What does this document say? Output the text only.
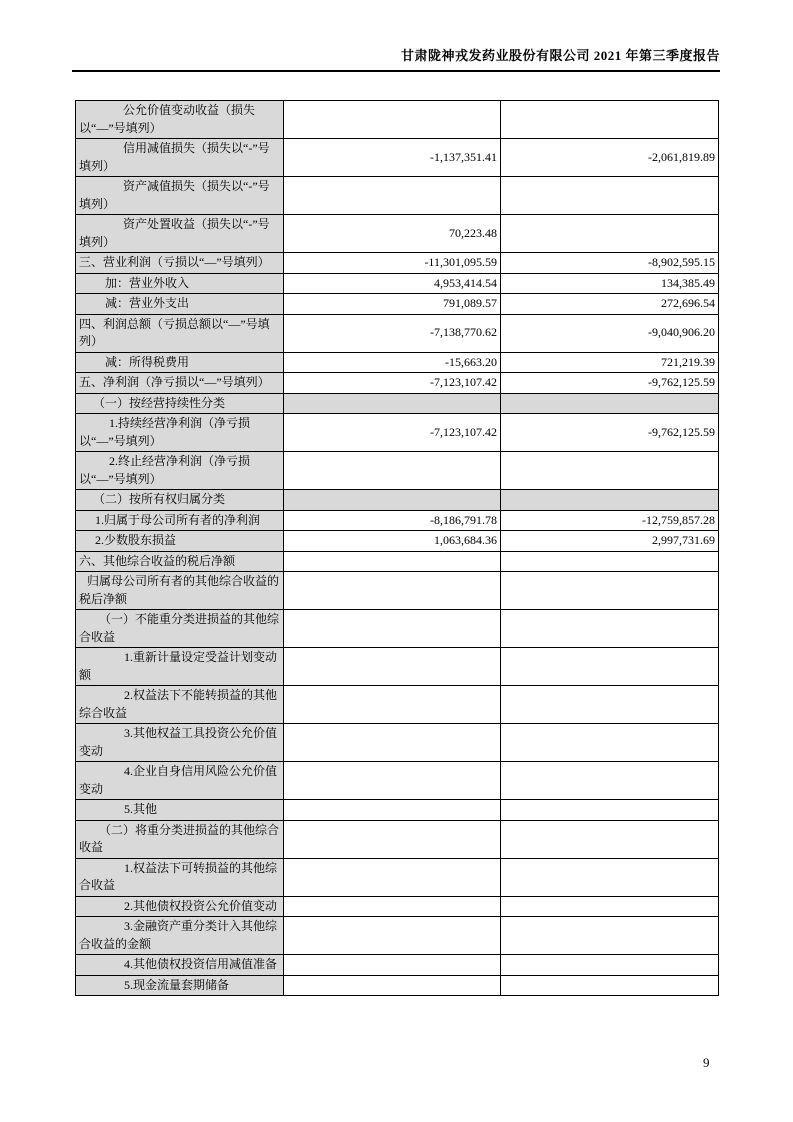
甘肃陇神戎发药业股份有限公司 2021 年第三季度报告
公允价值变动收益（损失以“—”号填列）		
信用减值损失（损失以“-”号填列）	-1,137,351.41	-2,061,819.89
资产减值损失（损失以“-”号填列）		
资产处置收益（损失以“-”号填列）	70,223.48	
三、营业利润（亏损以“—”号填列）	-11,301,095.59	-8,902,595.15
加：营业外收入	4,953,414.54	134,385.49
减：营业外支出	791,089.57	272,696.54
四、利润总额（亏损总额以“—”号填列）	-7,138,770.62	-9,040,906.20
减：所得税费用	-15,663.20	721,219.39
五、净利润（净亏损以“—”号填列）	-7,123,107.42	-9,762,125.59
（一）按经营持续性分类		
1.持续经营净利润（净亏损以“—”号填列）	-7,123,107.42	-9,762,125.59
2.终止经营净利润（净亏损以“—”号填列）		
（二）按所有权归属分类		
1.归属于母公司所有者的净利润	-8,186,791.78	-12,759,857.28
2.少数股东损益	1,063,684.36	2,997,731.69
六、其他综合收益的税后净额		
归属母公司所有者的其他综合收益的税后净额		
（一）不能重分类进损益的其他综合收益		
1.重新计量设定受益计划变动额		
2.权益法下不能转损益的其他综合收益		
3.其他权益工具投资公允价值变动		
4.企业自身信用风险公允价值变动		
5.其他		
（二）将重分类进损益的其他综合收益		
1.权益法下可转损益的其他综合收益		
2.其他债权投资公允价值变动		
3.金融资产重分类计入其他综合收益的金额		
4.其他债权投资信用减值准备		
5.现金流量套期储备		
9
